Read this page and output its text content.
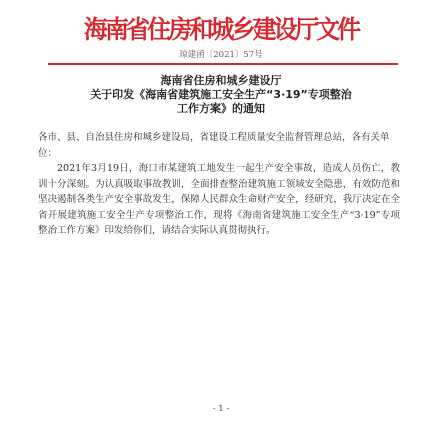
海南省住房和城乡建设厅文件
琼建函〔2021〕57号
海南省住房和城乡建设厅
关于印发《海南省建筑施工安全生产“3·19”专项整治
工作方案》的通知

各市、县、自治县住房和城乡建设局，省建设工程质量安全监督管理总站，各有关单位：

2021年3月19日，海口市某建筑工地发生一起生产安全事故，造成人员伤亡，教训十分深刻。为认真吸取事故教训，全面排查整治建筑施工领域安全隐患，有效防范和坚决遏制各类生产安全事故发生，保障人民群众生命财产安全，经研究，我厅决定在全省开展建筑施工安全生产专项整治工作，现将《海南省建筑施工安全生产“3·19”专项整治工作方案》印发给你们，请结合实际认真贯彻执行。

- 1 -
